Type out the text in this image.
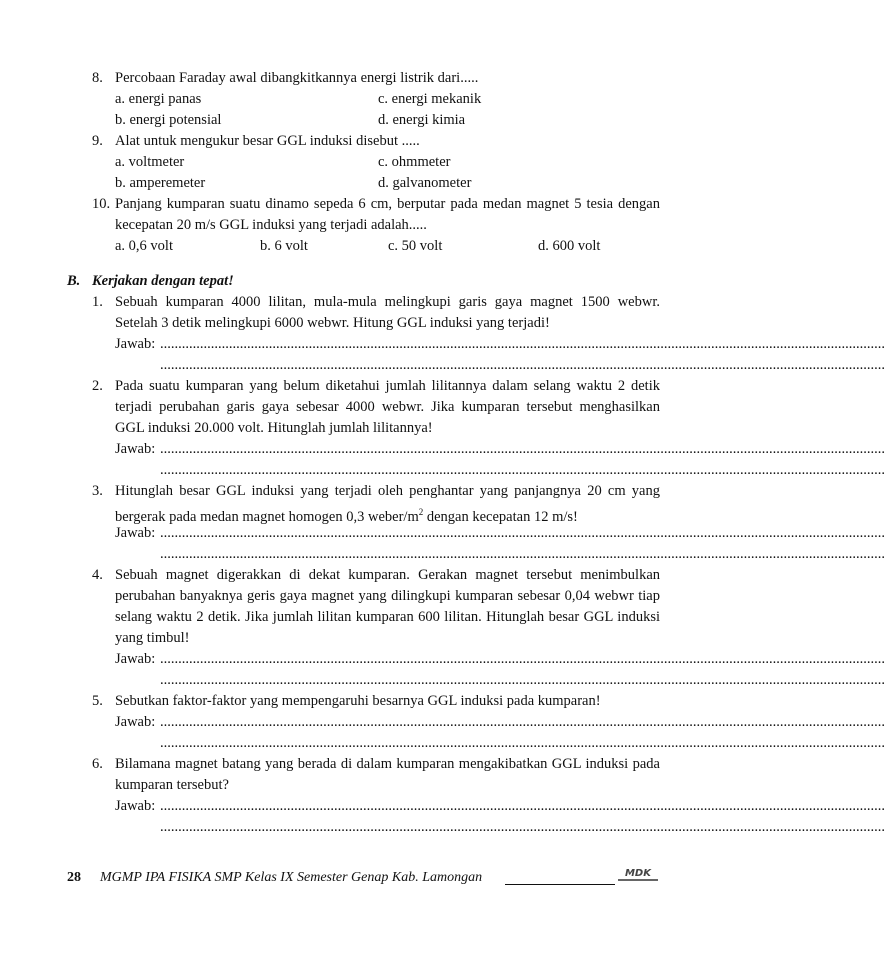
8. Percobaan Faraday awal dibangkitkannya energi listrik dari.....
a. energi panas	c. energi mekanik
b. energi potensial	d. energi kimia
9. Alat untuk mengukur besar GGL induksi disebut .....
a. voltmeter	c. ohmmeter
b. amperemeter	d. galvanometer
10. Panjang kumparan suatu dinamo sepeda 6 cm, berputar pada medan magnet 5 tesia dengan
kecepatan 20 m/s GGL induksi yang terjadi adalah.....
a. 0,6 volt	b. 6 volt	c. 50 volt	d. 600 volt
B. Kerjakan dengan tepat!
1. Sebuah kumparan 4000 lilitan, mula-mula melingkupi garis gaya magnet 1500 webwr.
Setelah 3 detik melingkupi 6000 webwr. Hitung GGL induksi yang terjadi!
Jawab: ........................................................................................................................................................................................................
........................................................................................................................................................................................................
2. Pada suatu kumparan yang belum diketahui jumlah lilitannya dalam selang waktu 2 detik
terjadi perubahan garis gaya sebesar 4000 webwr. Jika kumparan tersebut menghasilkan
GGL induksi 20.000 volt. Hitunglah jumlah lilitannya!
Jawab: ........................................................................................................................................................................................................
........................................................................................................................................................................................................
3. Hitunglah besar GGL induksi yang terjadi oleh penghantar yang panjangnya 20 cm yang
bergerak pada medan magnet homogen 0,3 weber/$m^2$ dengan kecepatan 12 m/s!
Jawab: ........................................................................................................................................................................................................
........................................................................................................................................................................................................
4. Sebuah magnet digerakkan di dekat kumparan. Gerakan magnet tersebut menimbulkan
perubahan banyaknya geris gaya magnet yang dilingkupi kumparan sebesar 0,04 webwr tiap
selang waktu 2 detik. Jika jumlah lilitan kumparan 600 lilitan. Hitunglah besar GGL induksi
yang timbul!
Jawab: ........................................................................................................................................................................................................
........................................................................................................................................................................................................
5. Sebutkan faktor-faktor yang mempengaruhi besarnya GGL induksi pada kumparan!
Jawab: ........................................................................................................................................................................................................
........................................................................................................................................................................................................
6. Bilamana magnet batang yang berada di dalam kumparan mengakibatkan GGL induksi pada
kumparan tersebut?
Jawab: ........................................................................................................................................................................................................
........................................................................................................................................................................................................
28 MGMP IPA FISIKA SMP Kelas IX Semester Genap Kab. Lamongan	MDK
